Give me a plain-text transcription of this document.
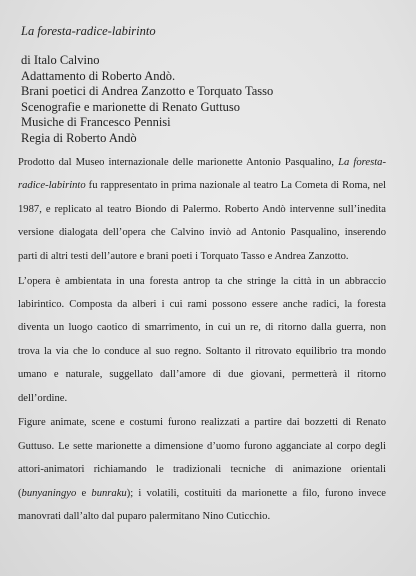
La foresta-radice-labirinto
di Italo Calvino
Adattamento di Roberto Andò.
Brani poetici di Andrea Zanzotto e Torquato Tasso
Scenografie e marionette di Renato Guttuso
Musiche di Francesco Pennisi
Regia di Roberto Andò

Prodotto dal Museo internazionale delle marionette Antonio Pasqualino, La foresta-radice-labirinto fu rappresentato in prima nazionale al teatro La Cometa di Roma, nel 1987, e replicato al teatro Biondo di Palermo. Roberto Andò intervenne sull’inedita versione dialogata dell’opera che Calvino inviò ad Antonio Pasqualino, inserendo parti di altri testi dell’autore e brani poeti i Torquato Tasso e Andrea Zanzotto.

L’opera è ambientata in una foresta antrop ta che stringe la città in un abbraccio labirintico. Composta da alberi i cui rami possono essere anche radici, la foresta diventa un luogo caotico di smarrimento, in cui un re, di ritorno dalla guerra, non trova la via che lo conduce al suo regno. Soltanto il ritrovato equilibrio tra mondo umano e naturale, suggellato dall’amore di due giovani, permetterà il ritorno dell’ordine.

Figure animate, scene e costumi furono realizzati a partire dai bozzetti di Renato Guttuso. Le sette marionette a dimensione d’uomo furono agganciate al corpo degli attori-animatori richiamando le tradizionali tecniche di animazione orientali (bunyaningyo e bunraku); i volatili, costituiti da marionette a filo, furono invece manovrati dall’alto dal puparo palermitano Nino Cuticchio.
